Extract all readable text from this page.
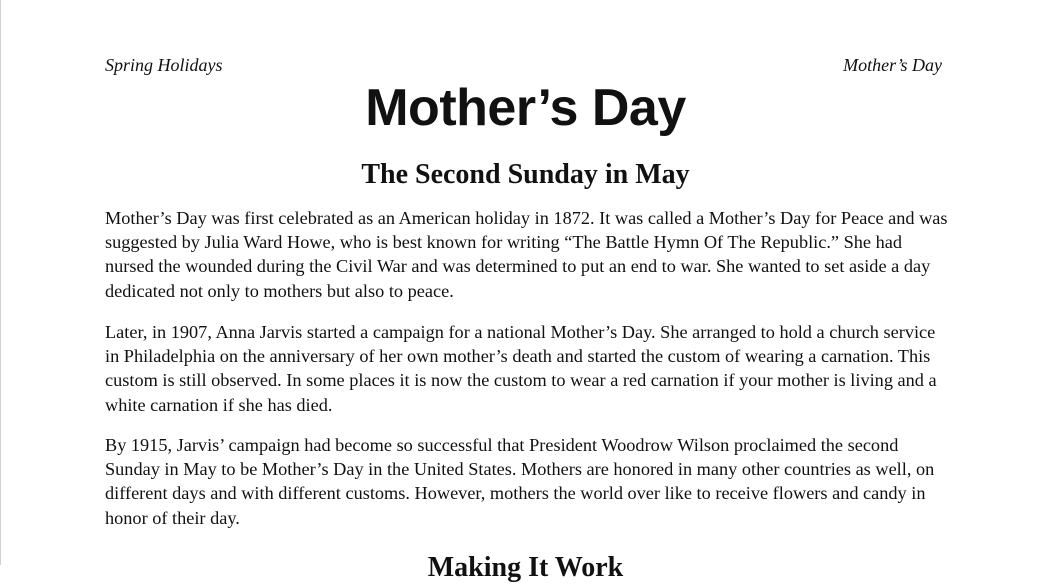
Spring Holidays	Mother’s Day
Mother’s Day
The Second Sunday in May

Mother’s Day was first celebrated as an American holiday in 1872. It was called a Mother’s Day for Peace and was suggested by Julia Ward Howe, who is best known for writing “The Battle Hymn Of The Republic.” She had nursed the wounded during the Civil War and was determined to put an end to war. She wanted to set aside a day dedicated not only to mothers but also to peace.

Later, in 1907, Anna Jarvis started a campaign for a national Mother’s Day. She arranged to hold a church service in Philadelphia on the anniversary of her own mother’s death and started the custom of wearing a carnation. This custom is still observed. In some places it is now the custom to wear a red carnation if your mother is living and a white carnation if she has died.

By 1915, Jarvis’ campaign had become so successful that President Woodrow Wilson proclaimed the second Sunday in May to be Mother’s Day in the United States. Mothers are honored in many other countries as well, on different days and with different customs. However, mothers the world over like to receive flowers and candy in honor of their day.

Making It Work
